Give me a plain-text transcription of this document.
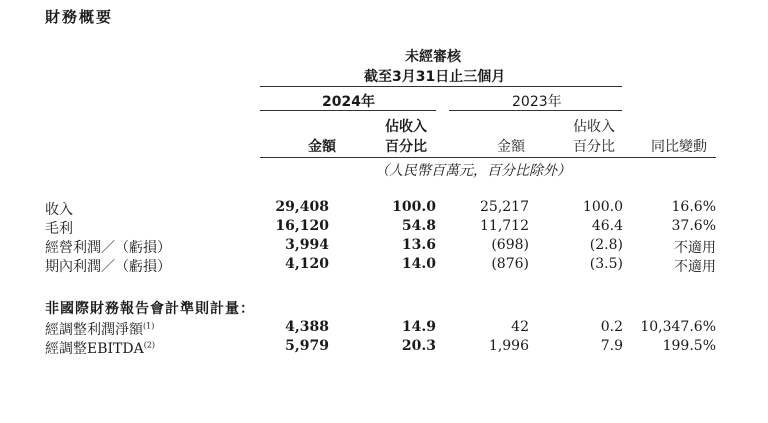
財務概要
未經審核
截至3月31日止三個月
2024年	2023年
佔收入
金額	百分比
佔收入
金額	百分比	同比變動
（人民幣百萬元，百分比除外）
收入	29,408	100.0	25,217	100.0	16.6%
毛利	16,120	54.8	11,712	46.4	37.6%
經營利潤／（虧損）	3,994	13.6	(698)	(2.8)	不適用
期內利潤／（虧損）	4,120	14.0	(876)	(3.5)	不適用
非國際財務報告會計準則計量：
經調整利潤淨額$^{(1)}$	4,388	14.9	42	0.2 10,347.6%
經調整EBITDA$^{(2)}$	5,979	20.3	1,996	7.9	199.5%
